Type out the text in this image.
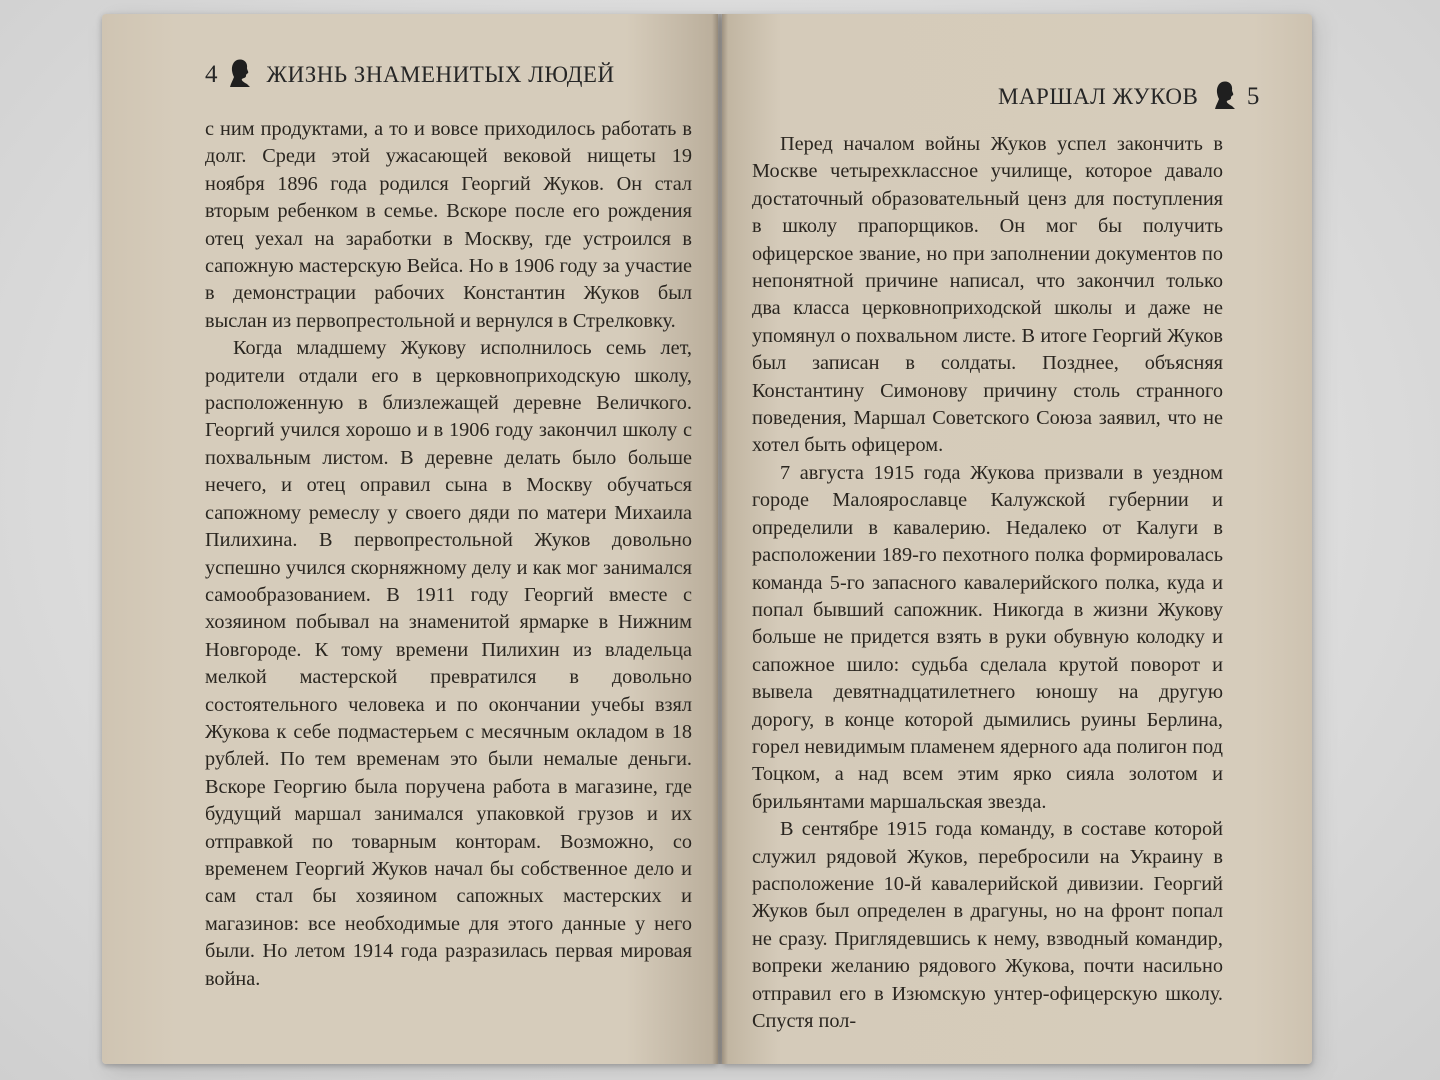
4 ЖИЗНЬ ЗНАМЕНИТЫХ ЛЮДЕЙ
МАРШАЛ ЖУКОВ 5

с ним продуктами, а то и вовсе приходилось работать в долг. Среди этой ужасающей вековой нищеты 19 ноября 1896 года родился Георгий Жуков. Он стал вторым ребенком в семье. Вскоре после его рождения отец уехал на заработки в Москву, где устроился в сапожную мастерскую Вейса. Но в 1906 году за участие в демонстрации рабочих Константин Жуков был выслан из первопрестольной и вернулся в Стрелковку.

Когда младшему Жукову исполнилось семь лет, родители отдали его в церковноприходскую школу, расположенную в близлежащей деревне Величкого. Георгий учился хорошо и в 1906 году закончил школу с похвальным листом. В деревне делать было больше нечего, и отец оправил сына в Москву обучаться сапожному ремеслу у своего дяди по матери Михаила Пилихина. В первопрестольной Жуков довольно успешно учился скорняжному делу и как мог занимался самообразованием. В 1911 году Георгий вместе с хозяином побывал на знаменитой ярмарке в Нижним Новгороде. К тому времени Пилихин из владельца мелкой мастерской превратился в довольно состоятельного человека и по окончании учебы взял Жукова к себе подмастерьем с месячным окладом в 18 рублей. По тем временам это были немалые деньги. Вскоре Георгию была поручена работа в магазине, где будущий маршал занимался упаковкой грузов и их отправкой по товарным конторам. Возможно, со временем Георгий Жуков начал бы собственное дело и сам стал бы хозяином сапожных мастерских и магазинов: все необходимые для этого данные у него были. Но летом 1914 года разразилась первая мировая война.

Перед началом войны Жуков успел закончить в Москве четырехклассное училище, которое давало достаточный образовательный ценз для поступления в школу прапорщиков. Он мог бы получить офицерское звание, но при заполнении документов по непонятной причине написал, что закончил только два класса церковноприходской школы и даже не упомянул о похвальном листе. В итоге Георгий Жуков был записан в солдаты. Позднее, объясняя Константину Симонову причину столь странного поведения, Маршал Советского Союза заявил, что не хотел быть офицером.

7 августа 1915 года Жукова призвали в уездном городе Малоярославце Калужской губернии и определили в кавалерию. Недалеко от Калуги в расположении 189-го пехотного полка формировалась команда 5-го запасного кавалерийского полка, куда и попал бывший сапожник. Никогда в жизни Жукову больше не придется взять в руки обувную колодку и сапожное шило: судьба сделала крутой поворот и вывела девятнадцатилетнего юношу на другую дорогу, в конце которой дымились руины Берлина, горел невидимым пламенем ядерного ада полигон под Тоцком, а над всем этим ярко сияла золотом и брильянтами маршальская звезда.

В сентябре 1915 года команду, в составе которой служил рядовой Жуков, перебросили на Украину в расположение 10-й кавалерийской дивизии. Георгий Жуков был определен в драгуны, но на фронт попал не сразу. Приглядевшись к нему, взводный командир, вопреки желанию рядового Жукова, почти насильно отправил его в Изюмскую унтер-офицерскую школу. Спустя пол-
